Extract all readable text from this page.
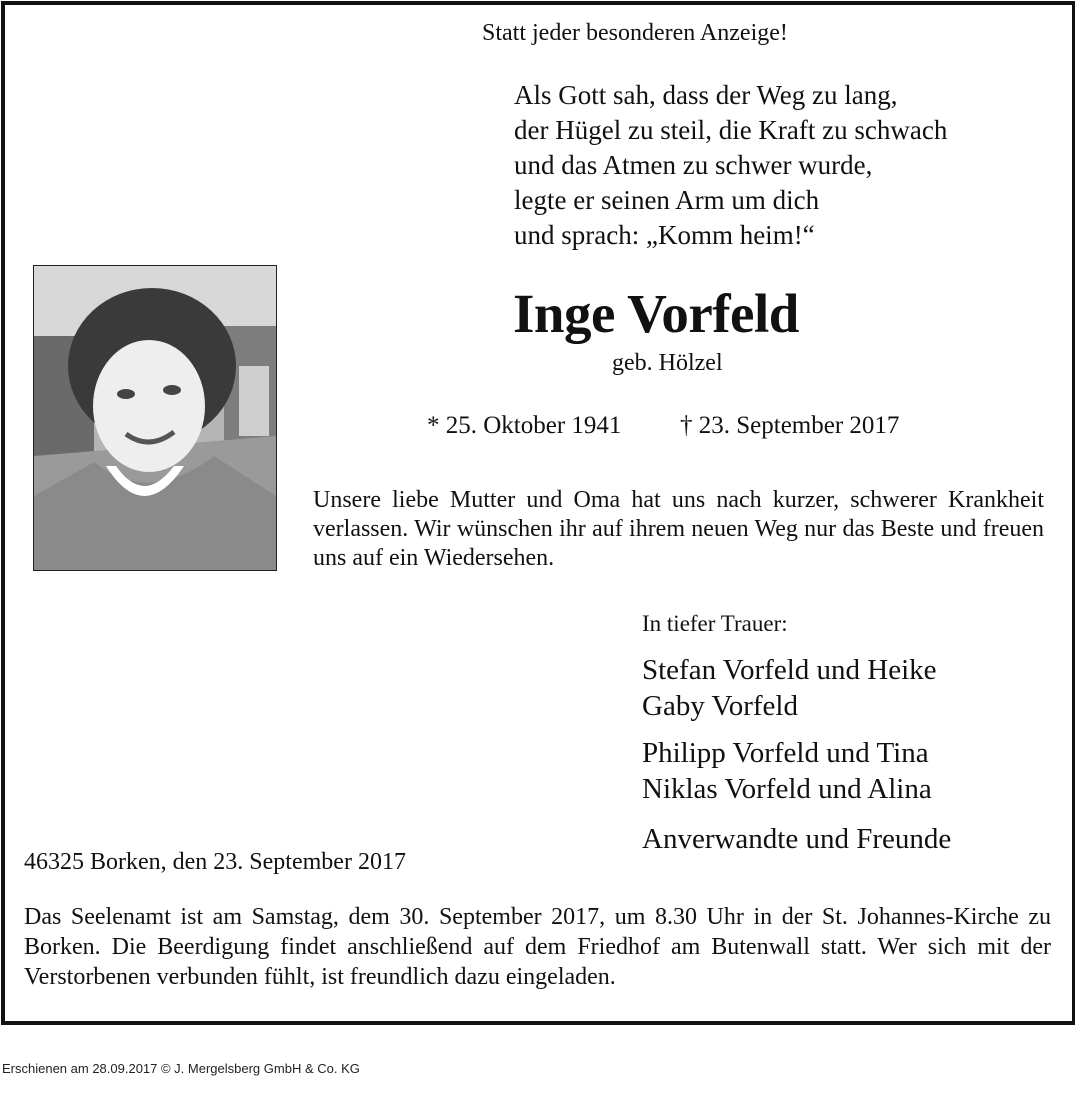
Statt jeder besonderen Anzeige!
Als Gott sah, dass der Weg zu lang,
der Hügel zu steil, die Kraft zu schwach
und das Atmen zu schwer wurde,
legte er seinen Arm um dich
und sprach: „Komm heim!“
Inge Vorfeld
geb. Hölzel
* 25. Oktober 1941 † 23. September 2017
Unsere liebe Mutter und Oma hat uns nach kurzer, schwerer Krankheit verlassen. Wir wünschen ihr auf ihrem neuen Weg nur das Beste und freuen uns auf ein Wiedersehen.
In tiefer Trauer:
Stefan Vorfeld und Heike
Gaby Vorfeld
Philipp Vorfeld und Tina
Niklas Vorfeld und Alina
Anverwandte und Freunde
46325 Borken, den 23. September 2017
Das Seelenamt ist am Samstag, dem 30. September 2017, um 8.30 Uhr in der St. Johannes-Kirche zu Borken. Die Beerdigung findet anschließend auf dem Friedhof am Butenwall statt. Wer sich mit der Verstorbenen verbunden fühlt, ist freundlich dazu eingeladen.
Erschienen am 28.09.2017 © J. Mergelsberg GmbH & Co. KG
